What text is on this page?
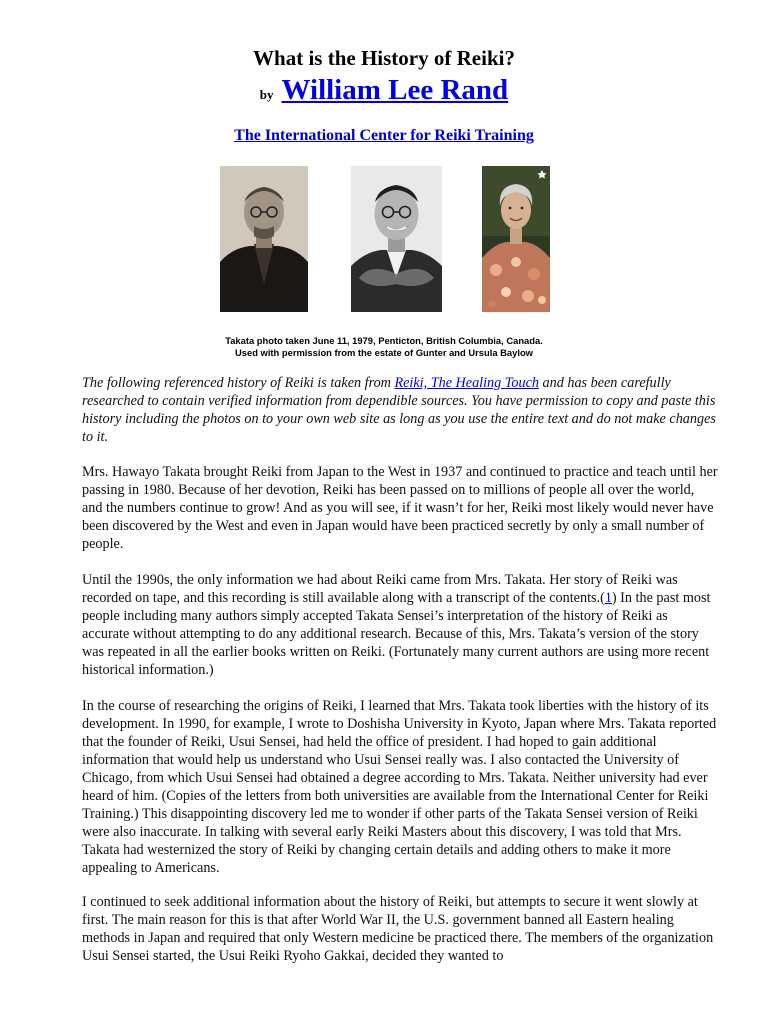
What is the History of Reiki?
by William Lee Rand
The International Center for Reiki Training
Takata photo taken June 11, 1979, Penticton, British Columbia, Canada.
Used with permission from the estate of Gunter and Ursula Baylow

The following referenced history of Reiki is taken from Reiki, The Healing Touch and has been carefully researched to contain verified information from dependible sources. You have permission to copy and paste this history including the photos on to your own web site as long as you use the entire text and do not make changes to it.

Mrs. Hawayo Takata brought Reiki from Japan to the West in 1937 and continued to practice and teach until her passing in 1980. Because of her devotion, Reiki has been passed on to millions of people all over the world, and the numbers continue to grow! And as you will see, if it wasn’t for her, Reiki most likely would never have been discovered by the West and even in Japan would have been practiced secretly by only a small number of people.

Until the 1990s, the only information we had about Reiki came from Mrs. Takata. Her story of Reiki was recorded on tape, and this recording is still available along with a transcript of the contents.(1) In the past most people including many authors simply accepted Takata Sensei’s interpretation of the history of Reiki as accurate without attempting to do any additional research. Because of this, Mrs. Takata’s version of the story was repeated in all the earlier books written on Reiki. (Fortunately many current authors are using more recent historical information.)

In the course of researching the origins of Reiki, I learned that Mrs. Takata took liberties with the history of its development. In 1990, for example, I wrote to Doshisha University in Kyoto, Japan where Mrs. Takata reported that the founder of Reiki, Usui Sensei, had held the office of president. I had hoped to gain additional information that would help us understand who Usui Sensei really was. I also contacted the University of Chicago, from which Usui Sensei had obtained a degree according to Mrs. Takata. Neither university had ever heard of him. (Copies of the letters from both universities are available from the International Center for Reiki Training.) This disappointing discovery led me to wonder if other parts of the Takata Sensei version of Reiki were also inaccurate. In talking with several early Reiki Masters about this discovery, I was told that Mrs. Takata had westernized the story of Reiki by changing certain details and adding others to make it more appealing to Americans.

I continued to seek additional information about the history of Reiki, but attempts to secure it went slowly at first. The main reason for this is that after World War II, the U.S. government banned all Eastern healing methods in Japan and required that only Western medicine be practiced there. The members of the organization Usui Sensei started, the Usui Reiki Ryoho Gakkai, decided they wanted to
